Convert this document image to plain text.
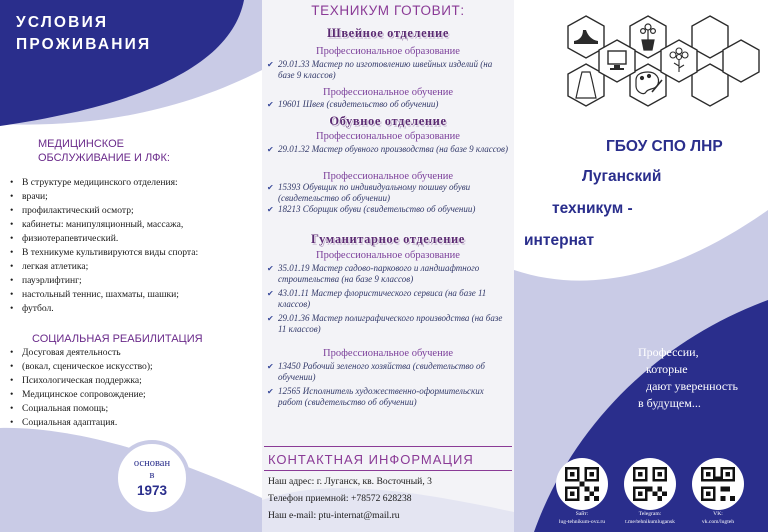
УСЛОВИЯ
ПРОЖИВАНИЯ
МЕДИЦИНСКОЕ
ОБСЛУЖИВАНИЕ И ЛФК:
• В структуре медицинского отделения:
• врачи;
• профилактический осмотр;
• кабинеты: манипуляционный, массажа,
• физиотерапевтический.
• В техникуме культивируются виды спорта:
• легкая атлетика;
• пауэрлифтинг;
• настольный теннис, шахматы, шашки;
• футбол.
СОЦИАЛЬНАЯ РЕАБИЛИТАЦИЯ
• Досуговая деятельность
• (вокал, сценическое искусство);
• Психологическая поддержка;
• Медицинское сопровождение;
• Социальная помощь;
• Социальная адаптация.
основан
в
1973
ТЕХНИКУМ ГОТОВИТ:
Швейное отделение
Профессиональное образование
✔ 29.01.33 Мастер по изготовлению швейных изделий (на базе 9 классов)
Профессиональное обучение
✔ 19601 Швея (свидетельство об обучении)
Обувное отделение
Профессиональное образование
✔ 29.01.32 Мастер обувного производства (на базе 9 классов)
Профессиональное обучение
✔ 15393 Обувщик по индивидуальному пошиву обуви (свидетельство об обучении)
✔ 18213 Сборщик обуви (свидетельство об обучении)
Гуманитарное отделение
Профессиональное образование
✔ 35.01.19 Мастер садово-паркового и ландшафтного строительства (на базе 9 классов)
✔ 43.01.11 Мастер флористического сервиса (на базе 11 классов)
✔ 29.01.36 Мастер полиграфического производства (на базе 11 классов)
Профессиональное обучение
✔ 13450 Рабочий зеленого хозяйства (свидетельство об обучении)
✔ 12565 Исполнитель художественно-оформительских работ (свидетельство об обучении)
КОНТАКТНАЯ ИНФОРМАЦИЯ
Наш адрес: г. Луганск, кв. Восточный, 3
Телефон приемной: +78572 628238
Наш e-mail: ptu-internat@mail.ru
ГБОУ СПО ЛНР
Луганский
техникум -
интернат
Профессии,
которые
дают уверенность
в будущем...
Sайт:
lug-tehnikum-ovz.ru
Telegram:
t.me/tehnikumlugansk
VK:
vk.com/lugteh
